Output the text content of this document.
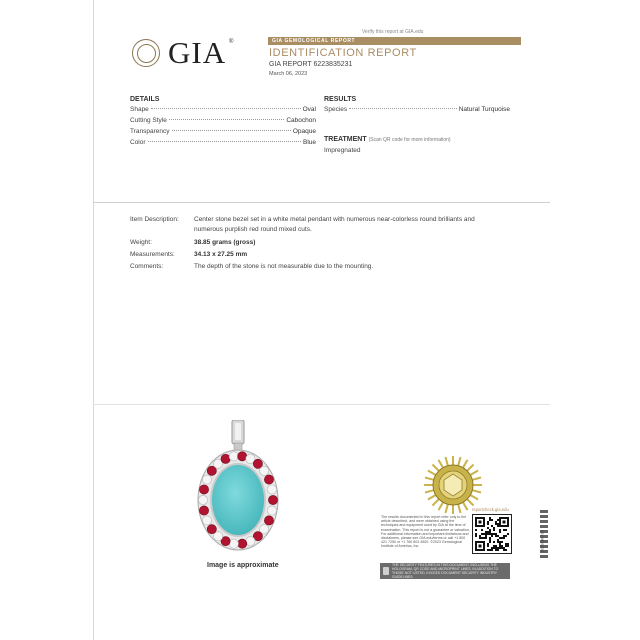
Verify this report at GIA.edu
GIA ®	GIA GEMOLOGICAL REPORT
IDENTIFICATION REPORT
GIA REPORT 6223835231
March 06, 2023
DETAILS
Shape	Oval
Cutting Style	Cabochon
Transparency	Opaque
Color	Blue
RESULTS
Species	Natural Turquoise
TREATMENT (Scan QR code for more information)
Impregnated
Item Description:	Center stone bezel set in a white metal pendant with numerous near-colorless round brilliants and numerous purplish red round mixed cuts.
Weight:	38.85 grams (gross)
Measurements:	34.13 x 27.25 mm
Comments:	The depth of the stone is not measurable due to the mounting.
Image is approximate
reportcheck.gia.edu
The results documented in this report refer only to the article described, and were obtained using the techniques and equipment used by GIA at the time of examination. This report is not a guarantee or valuation. For additional information and important limitations and disclaimers, please see GIA.edu/terms or call +1 800 421 7250 or +1 760 603 4500. ©2023 Gemological Institute of America, Inc.	6223835231
THE SECURITY FEATURES IN THIS DOCUMENT, INCLUDING THE HOLOGRAM, QR CODE AND MICROPRINT LINES, IN ADDITION TO THOSE NOT LISTED, EXCEED DOCUMENT SECURITY INDUSTRY GUIDELINES.
